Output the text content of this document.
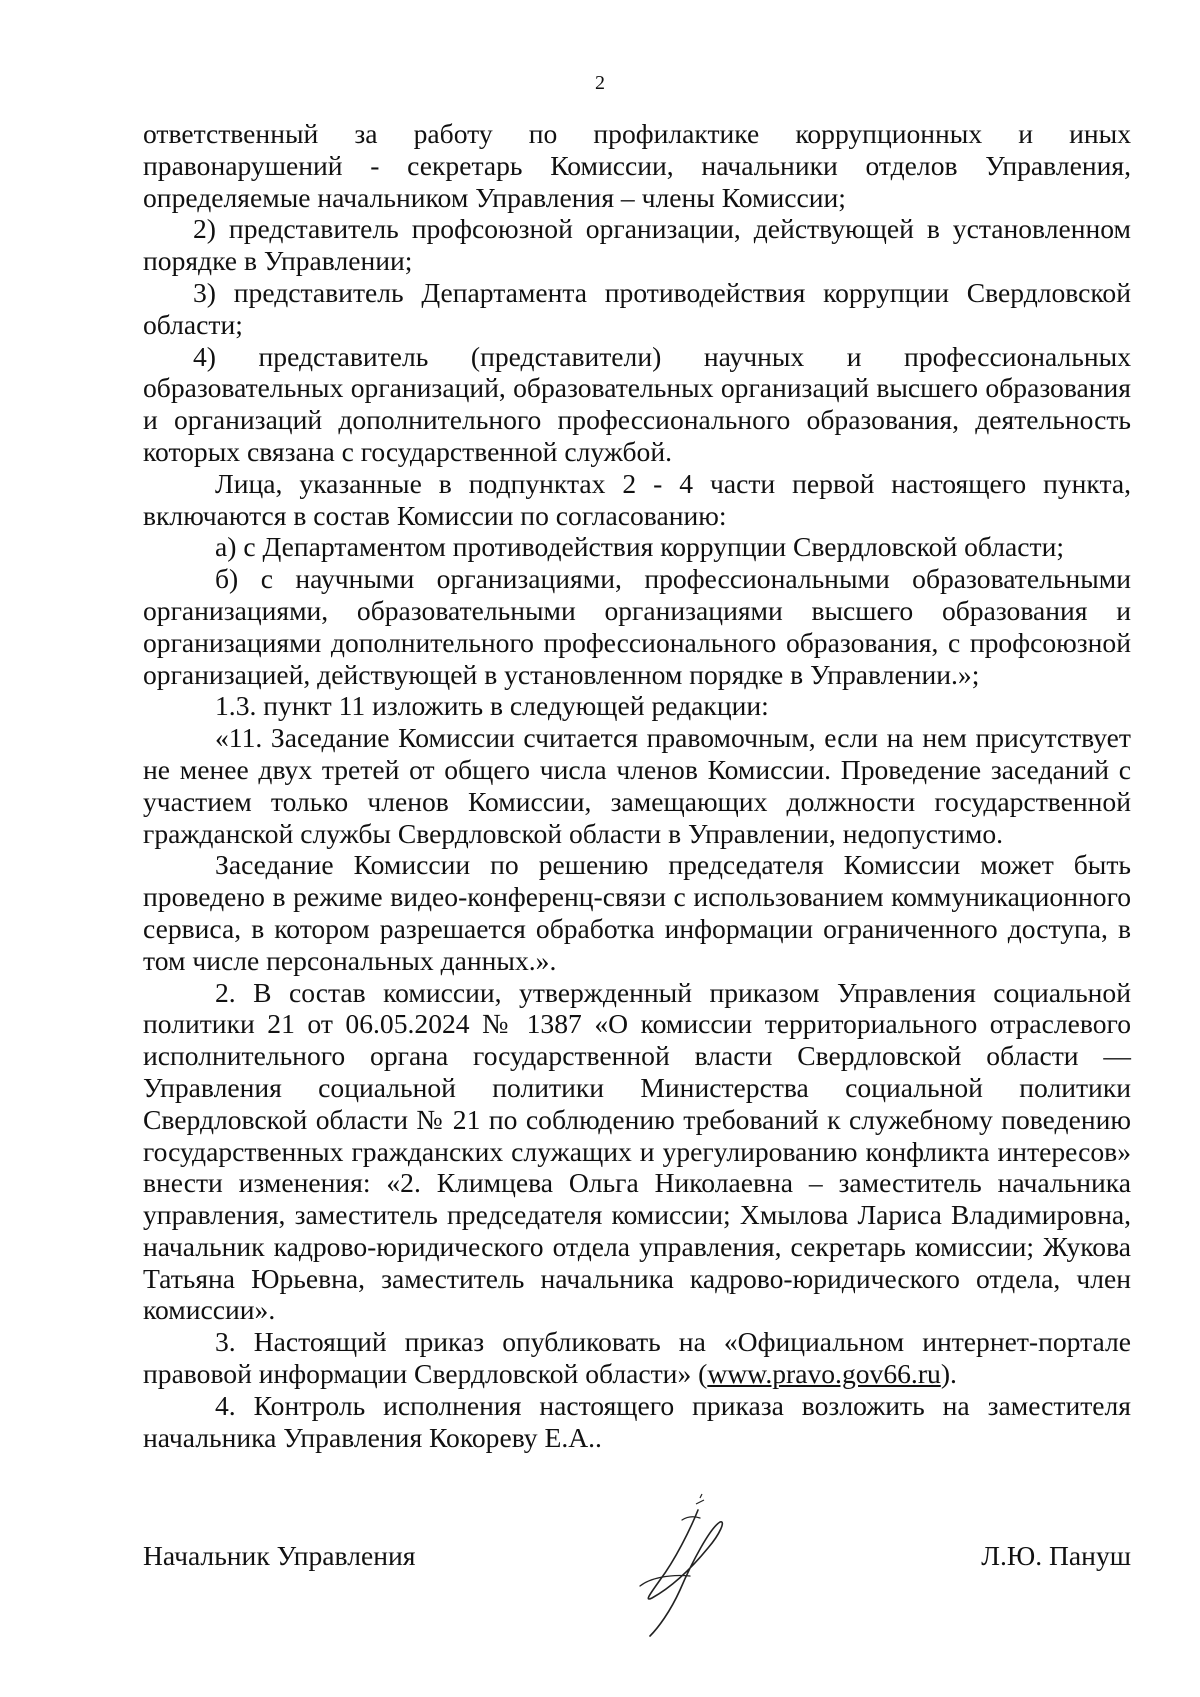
2

ответственный за работу по профилактике коррупционных и иных правонарушений - секретарь Комиссии, начальники отделов Управления, определяемые начальником Управления – члены Комиссии;

2) представитель профсоюзной организации, действующей в установленном порядке в Управлении;

3) представитель Департамента противодействия коррупции Свердловской области;

4) представитель (представители) научных и профессиональных образовательных организаций, образовательных организаций высшего образования и организаций дополнительного профессионального образования, деятельность которых связана с государственной службой.

Лица, указанные в подпунктах 2 - 4 части первой настоящего пункта, включаются в состав Комиссии по согласованию:

а) с Департаментом противодействия коррупции Свердловской области;

б) с научными организациями, профессиональными образовательными организациями, образовательными организациями высшего образования и организациями дополнительного профессионального образования, с профсоюзной организацией, действующей в установленном порядке в Управлении.»;

1.3. пункт 11 изложить в следующей редакции:

«11. Заседание Комиссии считается правомочным, если на нем присутствует не менее двух третей от общего числа членов Комиссии. Проведение заседаний с участием только членов Комиссии, замещающих должности государственной гражданской службы Свердловской области в Управлении, недопустимо.

Заседание Комиссии по решению председателя Комиссии может быть проведено в режиме видео-конференц-связи с использованием коммуникационного сервиса, в котором разрешается обработка информации ограниченного доступа, в том числе персональных данных.».

2. В состав комиссии, утвержденный приказом Управления социальной политики 21 от 06.05.2024 № 1387 «О комиссии территориального отраслевого исполнительного органа государственной власти Свердловской области — Управления социальной политики Министерства социальной политики Свердловской области № 21 по соблюдению требований к служебному поведению государственных гражданских служащих и урегулированию конфликта интересов» внести изменения: «2. Климцева Ольга Николаевна – заместитель начальника управления, заместитель председателя комиссии; Хмылова Лариса Владимировна, начальник кадрово-юридического отдела управления, секретарь комиссии; Жукова Татьяна Юрьевна, заместитель начальника кадрово-юридического отдела, член комиссии».

3. Настоящий приказ опубликовать на «Официальном интернет-портале правовой информации Свердловской области» (www.pravo.gov66.ru).

4. Контроль исполнения настоящего приказа возложить на заместителя начальника Управления Кокореву Е.А..

Начальник Управления	Л.Ю. Пануш
